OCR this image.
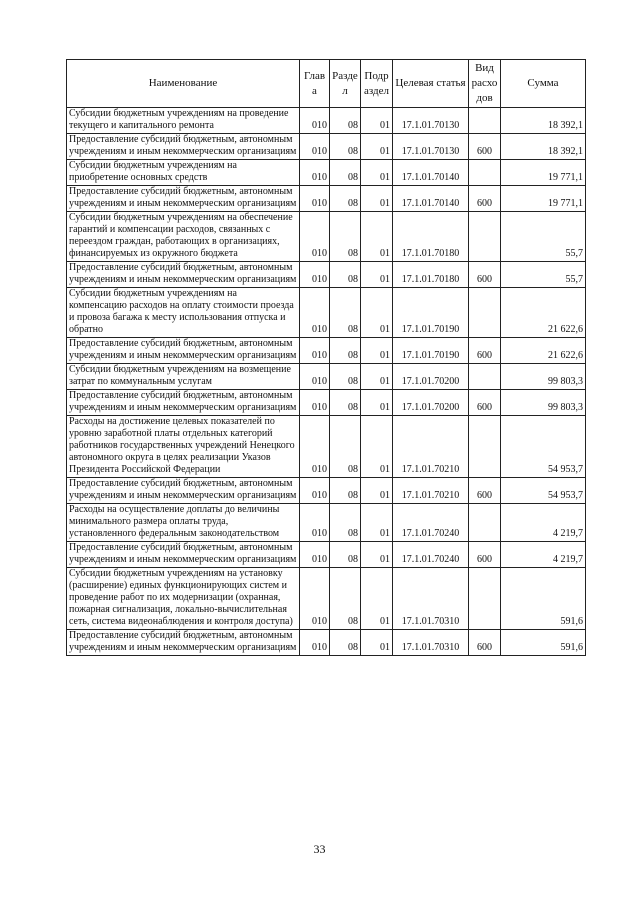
Наименование	Глав а	Разде л	Подр аздел	Целевая статья	Вид расхо дов	Сумма
Субсидии бюджетным учреждениям на проведение текущего и капитального ремонта	010	08	01	17.1.01.70130		18 392,1
Предоставление субсидий бюджетным, автономным учреждениям и иным некоммерческим организациям	010	08	01	17.1.01.70130	600	18 392,1
Субсидии бюджетным учреждениям на приобретение основных средств	010	08	01	17.1.01.70140		19 771,1
Предоставление субсидий бюджетным, автономным учреждениям и иным некоммерческим организациям	010	08	01	17.1.01.70140	600	19 771,1
Субсидии бюджетным учреждениям на обеспечение гарантий и компенсации расходов, связанных с переездом граждан, работающих в организациях, финансируемых из окружного бюджета	010	08	01	17.1.01.70180		55,7
Предоставление субсидий бюджетным, автономным учреждениям и иным некоммерческим организациям	010	08	01	17.1.01.70180	600	55,7
Субсидии бюджетным учреждениям на компенсацию расходов на оплату стоимости проезда и провоза багажа к месту использования отпуска и обратно	010	08	01	17.1.01.70190		21 622,6
Предоставление субсидий бюджетным, автономным учреждениям и иным некоммерческим организациям	010	08	01	17.1.01.70190	600	21 622,6
Субсидии бюджетным учреждениям на возмещение затрат по коммунальным услугам	010	08	01	17.1.01.70200		99 803,3
Предоставление субсидий бюджетным, автономным учреждениям и иным некоммерческим организациям	010	08	01	17.1.01.70200	600	99 803,3
Расходы на достижение целевых показателей по уровню заработной платы отдельных категорий работников государственных учреждений Ненецкого автономного округа в целях реализации Указов Президента Российской Федерации	010	08	01	17.1.01.70210		54 953,7
Предоставление субсидий бюджетным, автономным учреждениям и иным некоммерческим организациям	010	08	01	17.1.01.70210	600	54 953,7
Расходы на осуществление доплаты до величины минимального размера оплаты труда, установленного федеральным законодательством	010	08	01	17.1.01.70240		4 219,7
Предоставление субсидий бюджетным, автономным учреждениям и иным некоммерческим организациям	010	08	01	17.1.01.70240	600	4 219,7
Субсидии бюджетным учреждениям на установку (расширение) единых функционирующих систем и проведение работ по их модернизации (охранная, пожарная сигнализация, локально-вычислительная сеть, система видеонаблюдения и контроля доступа)	010	08	01	17.1.01.70310		591,6
Предоставление субсидий бюджетным, автономным учреждениям и иным некоммерческим организациям	010	08	01	17.1.01.70310	600	591,6
33
